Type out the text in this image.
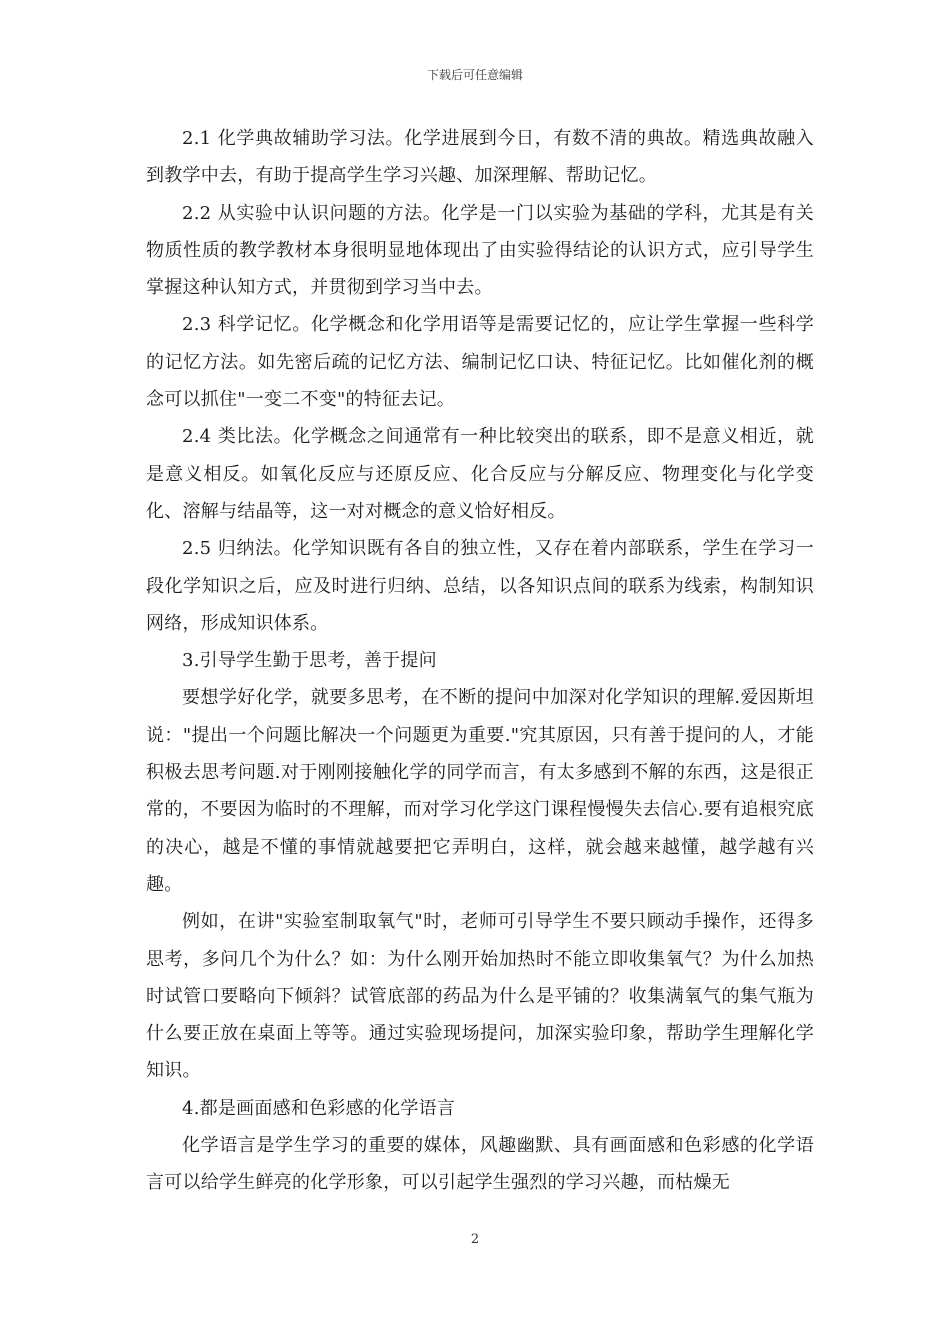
下载后可任意编辑

2.1 化学典故辅助学习法。化学进展到今日，有数不清的典故。精选典故融入到教学中去，有助于提高学生学习兴趣、加深理解、帮助记忆。

2.2 从实验中认识问题的方法。化学是一门以实验为基础的学科，尤其是有关物质性质的教学教材本身很明显地体现出了由实验得结论的认识方式，应引导学生掌握这种认知方式，并贯彻到学习当中去。

2.3 科学记忆。化学概念和化学用语等是需要记忆的，应让学生掌握一些科学的记忆方法。如先密后疏的记忆方法、编制记忆口诀、特征记忆。比如催化剂的概念可以抓住"一变二不变"的特征去记。

2.4 类比法。化学概念之间通常有一种比较突出的联系，即不是意义相近，就是意义相反。如氧化反应与还原反应、化合反应与分解反应、物理变化与化学变化、溶解与结晶等，这一对对概念的意义恰好相反。

2.5 归纳法。化学知识既有各自的独立性，又存在着内部联系，学生在学习一段化学知识之后，应及时进行归纳、总结，以各知识点间的联系为线索，构制知识网络，形成知识体系。

3.引导学生勤于思考，善于提问

要想学好化学，就要多思考，在不断的提问中加深对化学知识的理解.爱因斯坦说："提出一个问题比解决一个问题更为重要."究其原因，只有善于提问的人，才能积极去思考问题.对于刚刚接触化学的同学而言，有太多感到不解的东西，这是很正常的，不要因为临时的不理解，而对学习化学这门课程慢慢失去信心.要有追根究底的决心，越是不懂的事情就越要把它弄明白，这样，就会越来越懂，越学越有兴趣。

例如，在讲"实验室制取氧气"时，老师可引导学生不要只顾动手操作，还得多思考，多问几个为什么？如：为什么刚开始加热时不能立即收集氧气？为什么加热时试管口要略向下倾斜？试管底部的药品为什么是平铺的？收集满氧气的集气瓶为什么要正放在桌面上等等。通过实验现场提问，加深实验印象，帮助学生理解化学知识。

4.都是画面感和色彩感的化学语言

化学语言是学生学习的重要的媒体，风趣幽默、具有画面感和色彩感的化学语言可以给学生鲜亮的化学形象，可以引起学生强烈的学习兴趣，而枯燥无

2
